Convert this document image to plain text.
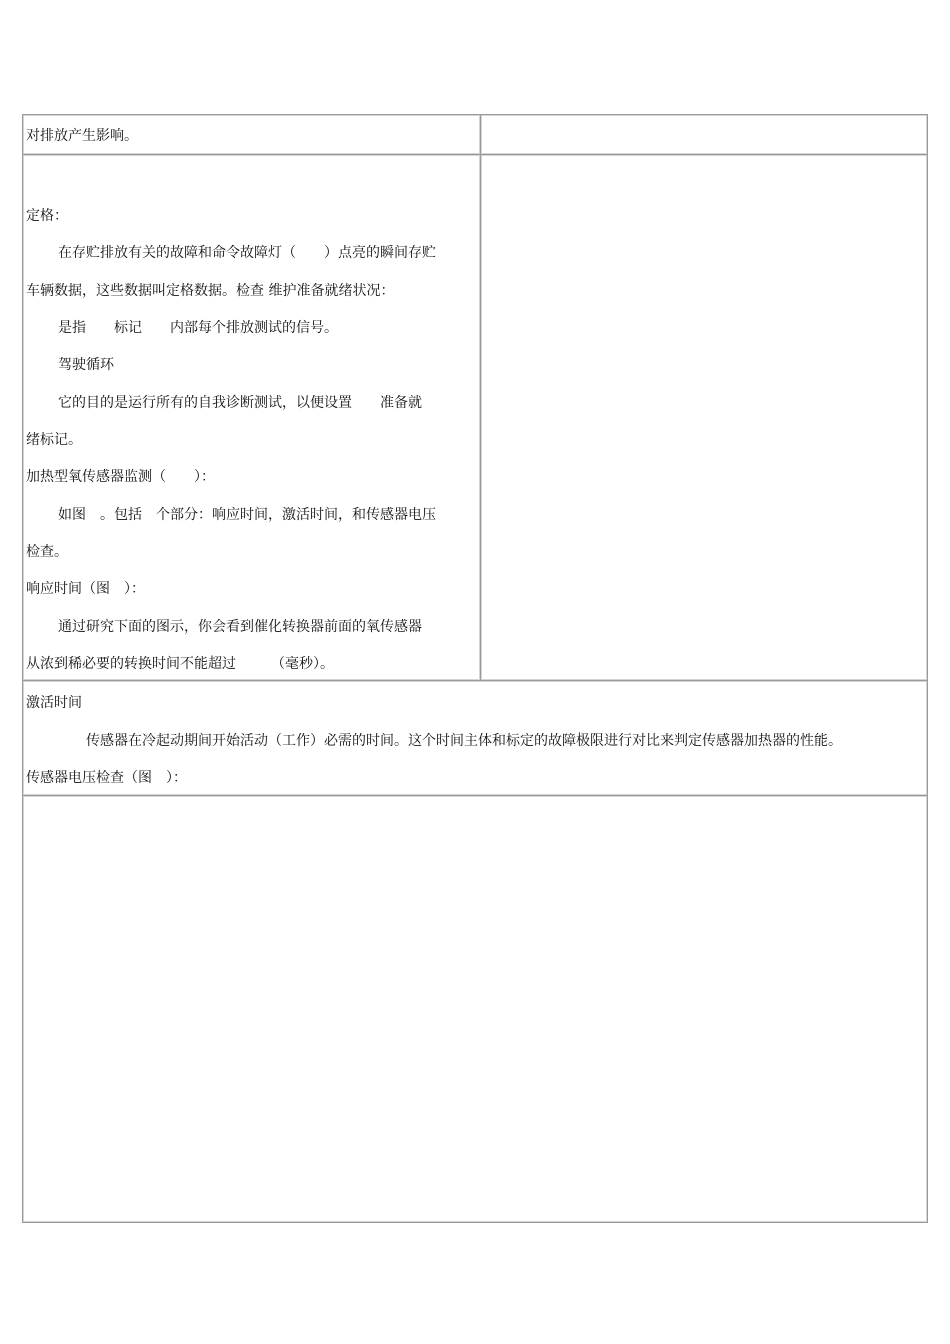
对排放产生影响。
定格：
在存贮排放有关的故障和命令故障灯（　　）点亮的瞬间存贮
车辆数据，这些数据叫定格数据。检查 维护准备就绪状况：
是指　　标记　　内部每个排放测试的信号。
驾驶循环
它的目的是运行所有的自我诊断测试，以便设置　　准备就
绪标记。
加热型氧传感器监测（　　）：
如图　。包括　个部分：响应时间，激活时间，和传感器电压
检查。
响应时间（图　）：
通过研究下面的图示，你会看到催化转换器前面的氧传感器
从浓到稀必要的转换时间不能超过　　　（毫秒）。
激活时间
传感器在冷起动期间开始活动（工作）必需的时间。这个时间主体和标定的故障极限进行对比来判定传感器加热器的性能。
传感器电压检查（图　）：
